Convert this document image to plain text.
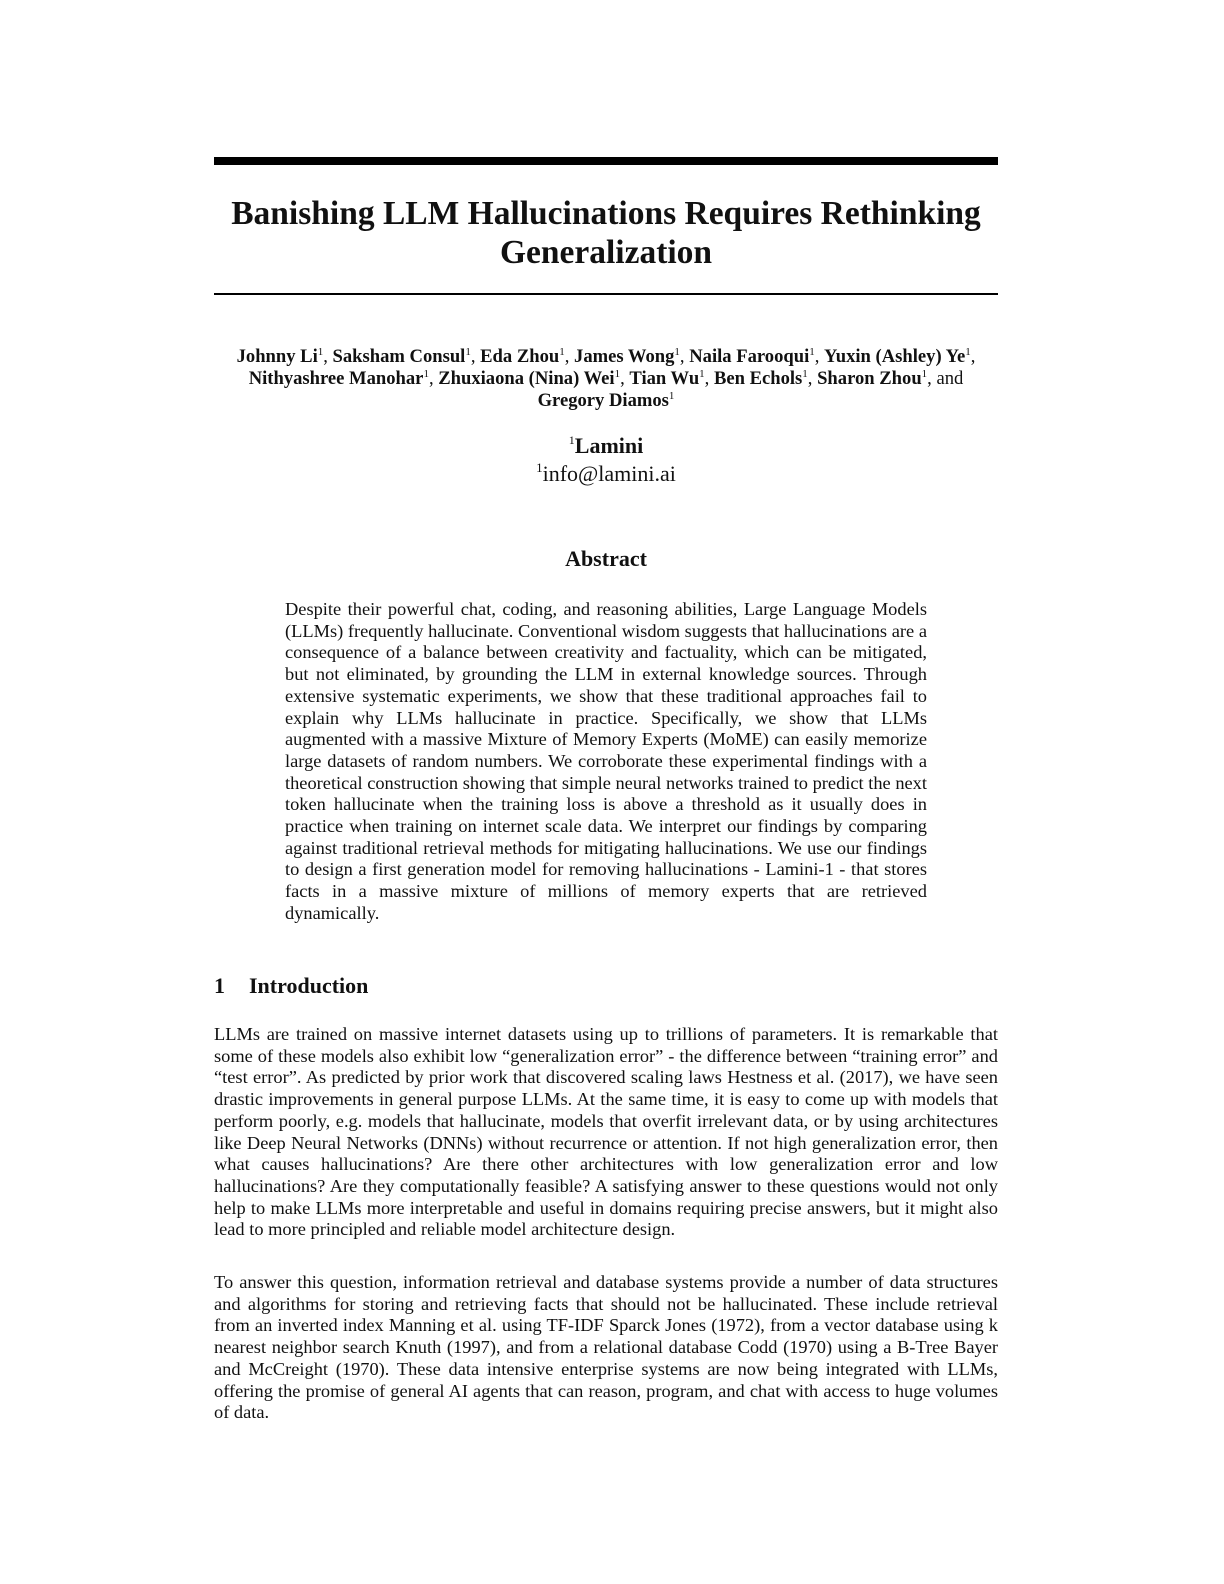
Banishing LLM Hallucinations Requires Rethinking Generalization
Johnny Li$^1$, Saksham Consul$^1$, Eda Zhou$^1$, James Wong$^1$, Naila Farooqui$^1$, Yuxin (Ashley) Ye$^1$,
Nithyashree Manohar$^1$, Zhuxiaona (Nina) Wei$^1$, Tian Wu$^1$, Ben Echols$^1$, Sharon Zhou$^1$, and
Gregory Diamos$^1$
$^1$Lamini
$^1$info@lamini.ai
Abstract

Despite their powerful chat, coding, and reasoning abilities, Large Language Models (LLMs) frequently hallucinate. Conventional wisdom suggests that hallucinations are a consequence of a balance between creativity and factuality, which can be mitigated, but not eliminated, by grounding the LLM in external knowledge sources. Through extensive systematic experiments, we show that these traditional approaches fail to explain why LLMs hallucinate in practice. Specifically, we show that LLMs augmented with a massive Mixture of Memory Experts (MoME) can easily memorize large datasets of random numbers. We corroborate these experimental findings with a theoretical construction showing that simple neural networks trained to predict the next token hallucinate when the training loss is above a threshold as it usually does in practice when training on internet scale data. We interpret our findings by comparing against traditional retrieval methods for mitigating hallucinations. We use our findings to design a first generation model for removing hallucinations - Lamini-1 - that stores facts in a massive mixture of millions of memory experts that are retrieved dynamically.

1 Introduction

LLMs are trained on massive internet datasets using up to trillions of parameters. It is remarkable that some of these models also exhibit low “generalization error” - the difference between “training error” and “test error”. As predicted by prior work that discovered scaling laws Hestness et al. (2017), we have seen drastic improvements in general purpose LLMs. At the same time, it is easy to come up with models that perform poorly, e.g. models that hallucinate, models that overfit irrelevant data, or by using architectures like Deep Neural Networks (DNNs) without recurrence or attention. If not high generalization error, then what causes hallucinations? Are there other architectures with low generalization error and low hallucinations? Are they computationally feasible? A satisfying answer to these questions would not only help to make LLMs more interpretable and useful in domains requiring precise answers, but it might also lead to more principled and reliable model architecture design.

To answer this question, information retrieval and database systems provide a number of data structures and algorithms for storing and retrieving facts that should not be hallucinated. These include retrieval from an inverted index Manning et al. using TF-IDF Sparck Jones (1972), from a vector database using k nearest neighbor search Knuth (1997), and from a relational database Codd (1970) using a B-Tree Bayer and McCreight (1970). These data intensive enterprise systems are now being integrated with LLMs, offering the promise of general AI agents that can reason, program, and chat with access to huge volumes of data.
